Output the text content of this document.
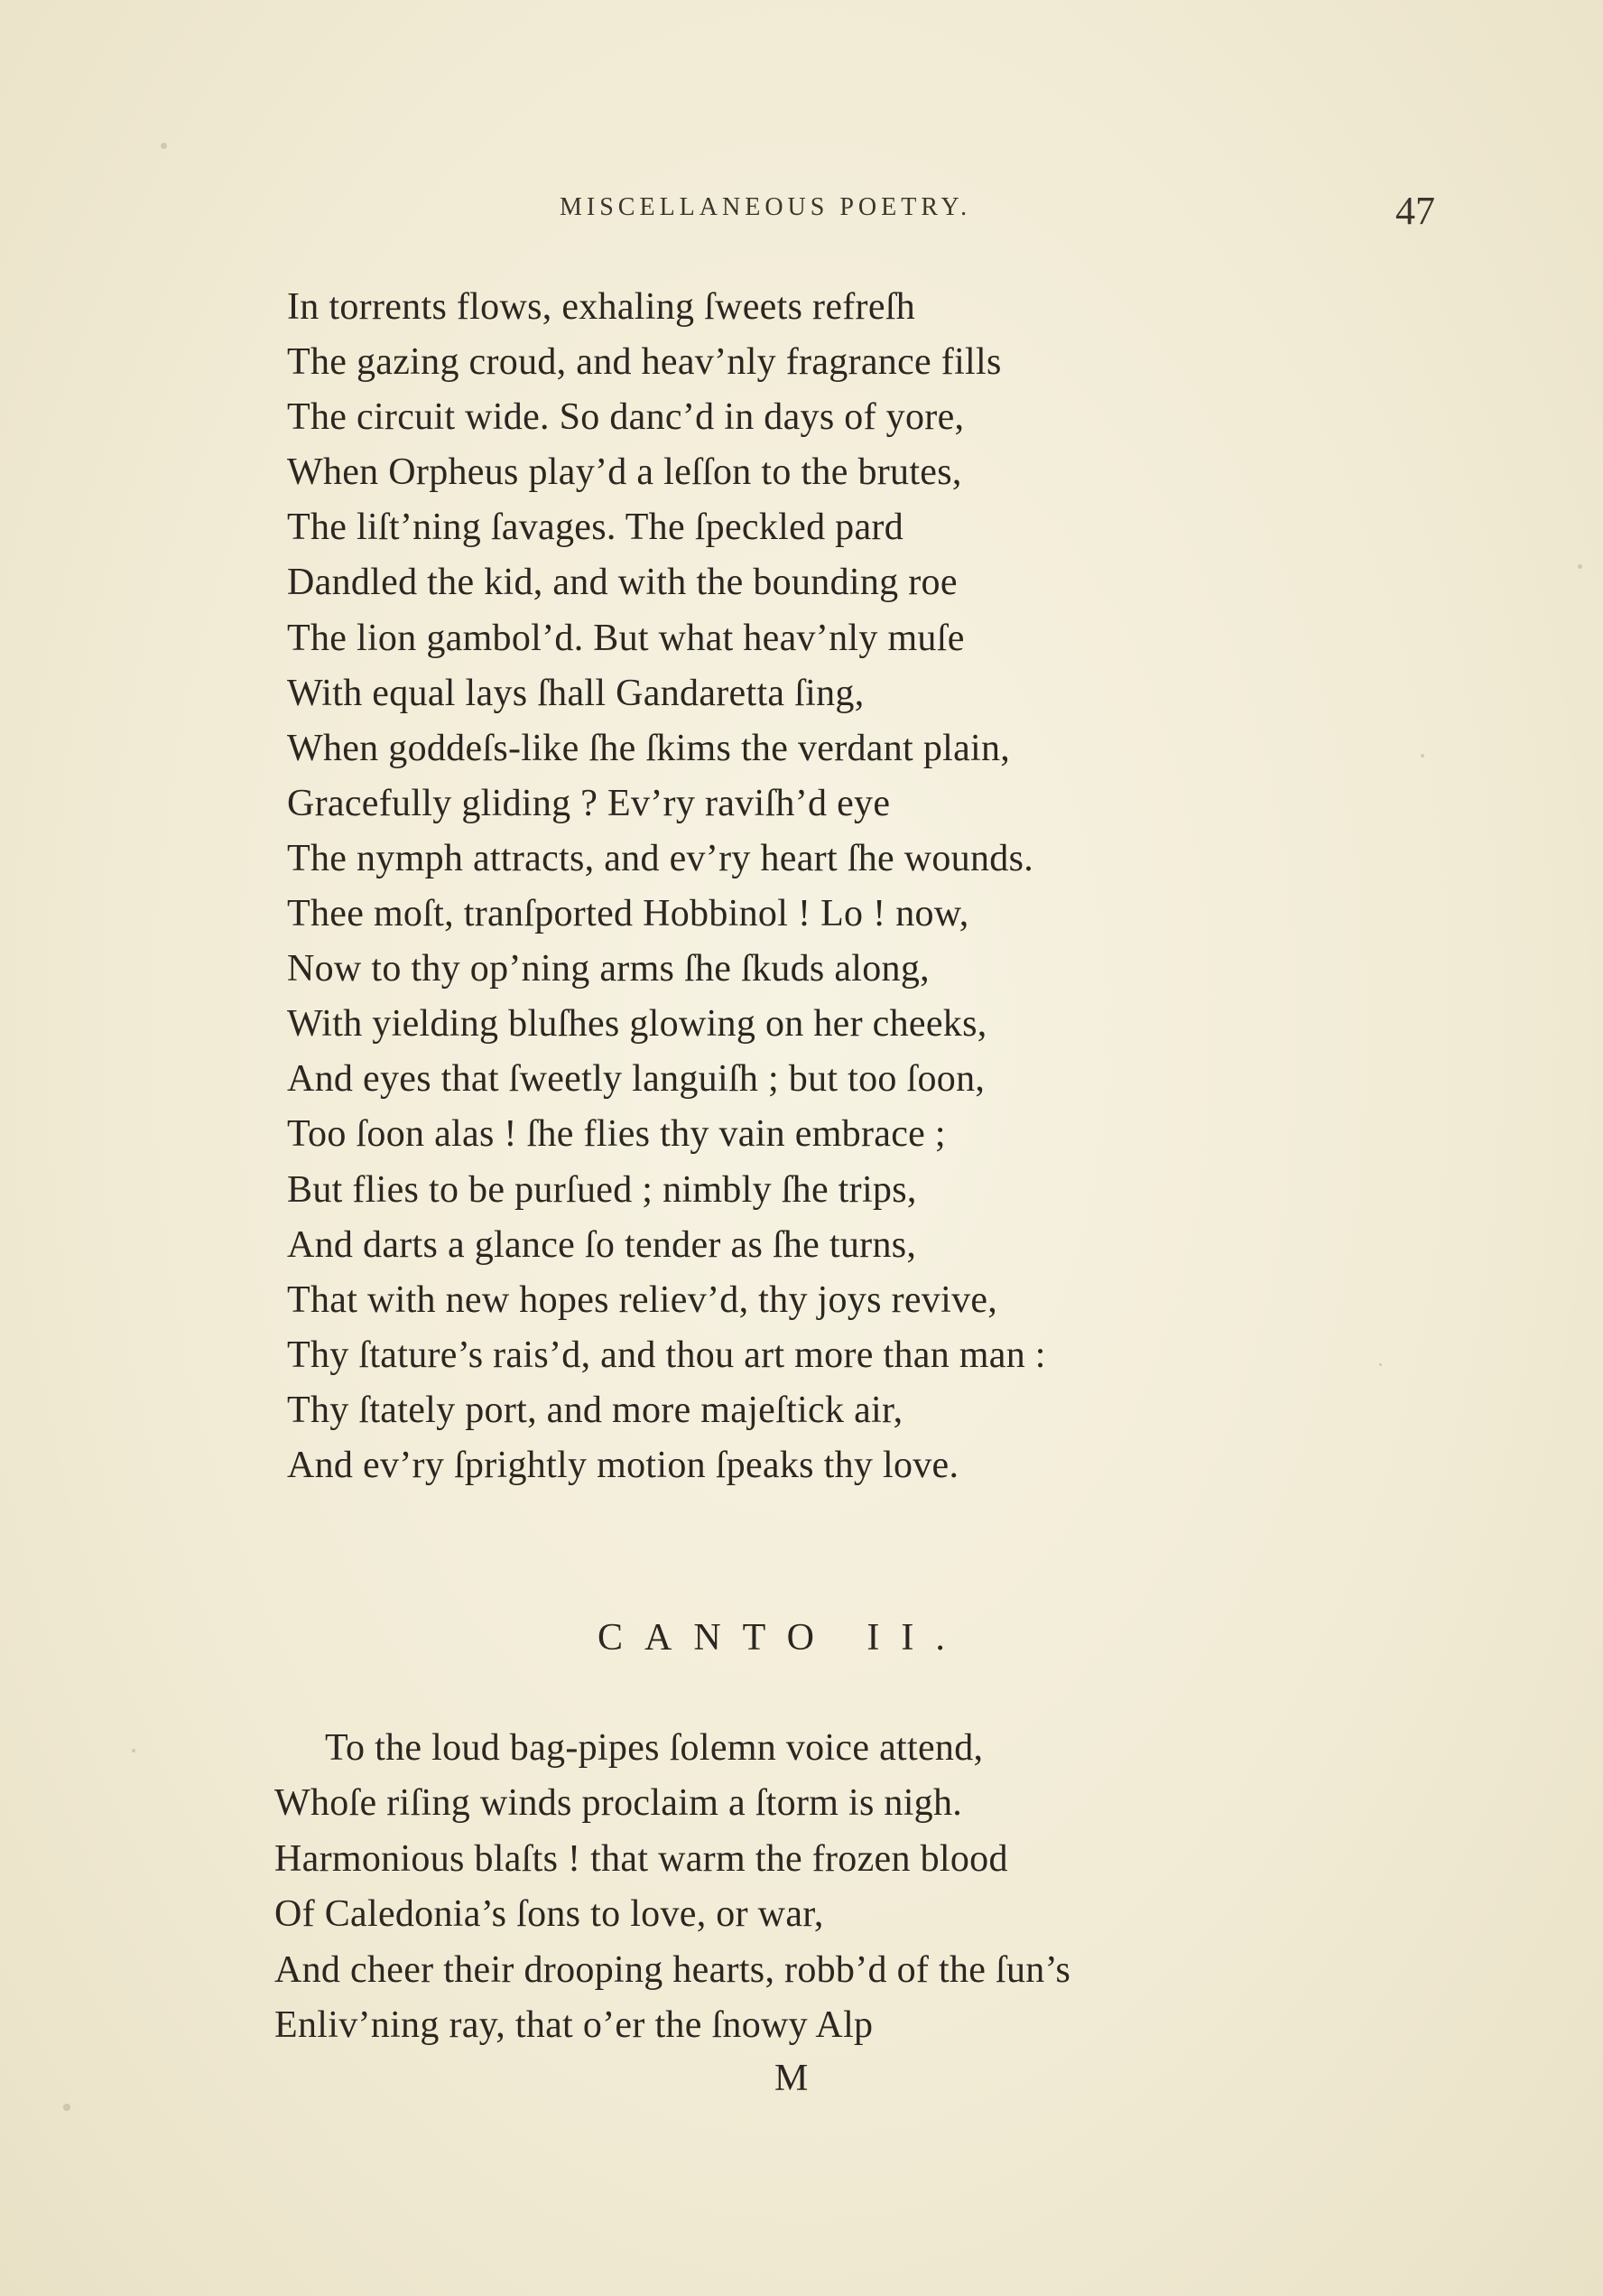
MISCELLANEOUS POETRY.	47
In torrents flows, exhaling ſweets refreſh
The gazing croud, and heav’nly fragrance fills
The circuit wide. So danc’d in days of yore,
When Orpheus play’d a leſſon to the brutes,
The liſt’ning ſavages. The ſpeckled pard
Dandled the kid, and with the bounding roe
The lion gambol’d. But what heav’nly muſe
With equal lays ſhall Gandaretta ſing,
When goddeſs-like ſhe ſkims the verdant plain,
Gracefully gliding ? Ev’ry raviſh’d eye
The nymph attracts, and ev’ry heart ſhe wounds.
Thee moſt, tranſported Hobbinol ! Lo ! now,
Now to thy op’ning arms ſhe ſkuds along,
With yielding bluſhes glowing on her cheeks,
And eyes that ſweetly languiſh ; but too ſoon,
Too ſoon alas ! ſhe flies thy vain embrace ;
But flies to be purſued ; nimbly ſhe trips,
And darts a glance ſo tender as ſhe turns,
That with new hopes reliev’d, thy joys revive,
Thy ſtature’s rais’d, and thou art more than man :
Thy ſtately port, and more majeſtick air,
And ev’ry ſprightly motion ſpeaks thy love.
CANTO II.
To the loud bag-pipes ſolemn voice attend,
Whoſe riſing winds proclaim a ſtorm is nigh.
Harmonious blaſts ! that warm the frozen blood
Of Caledonia’s ſons to love, or war,
And cheer their drooping hearts, robb’d of the ſun’s
Enliv’ning ray, that o’er the ſnowy Alp
M
